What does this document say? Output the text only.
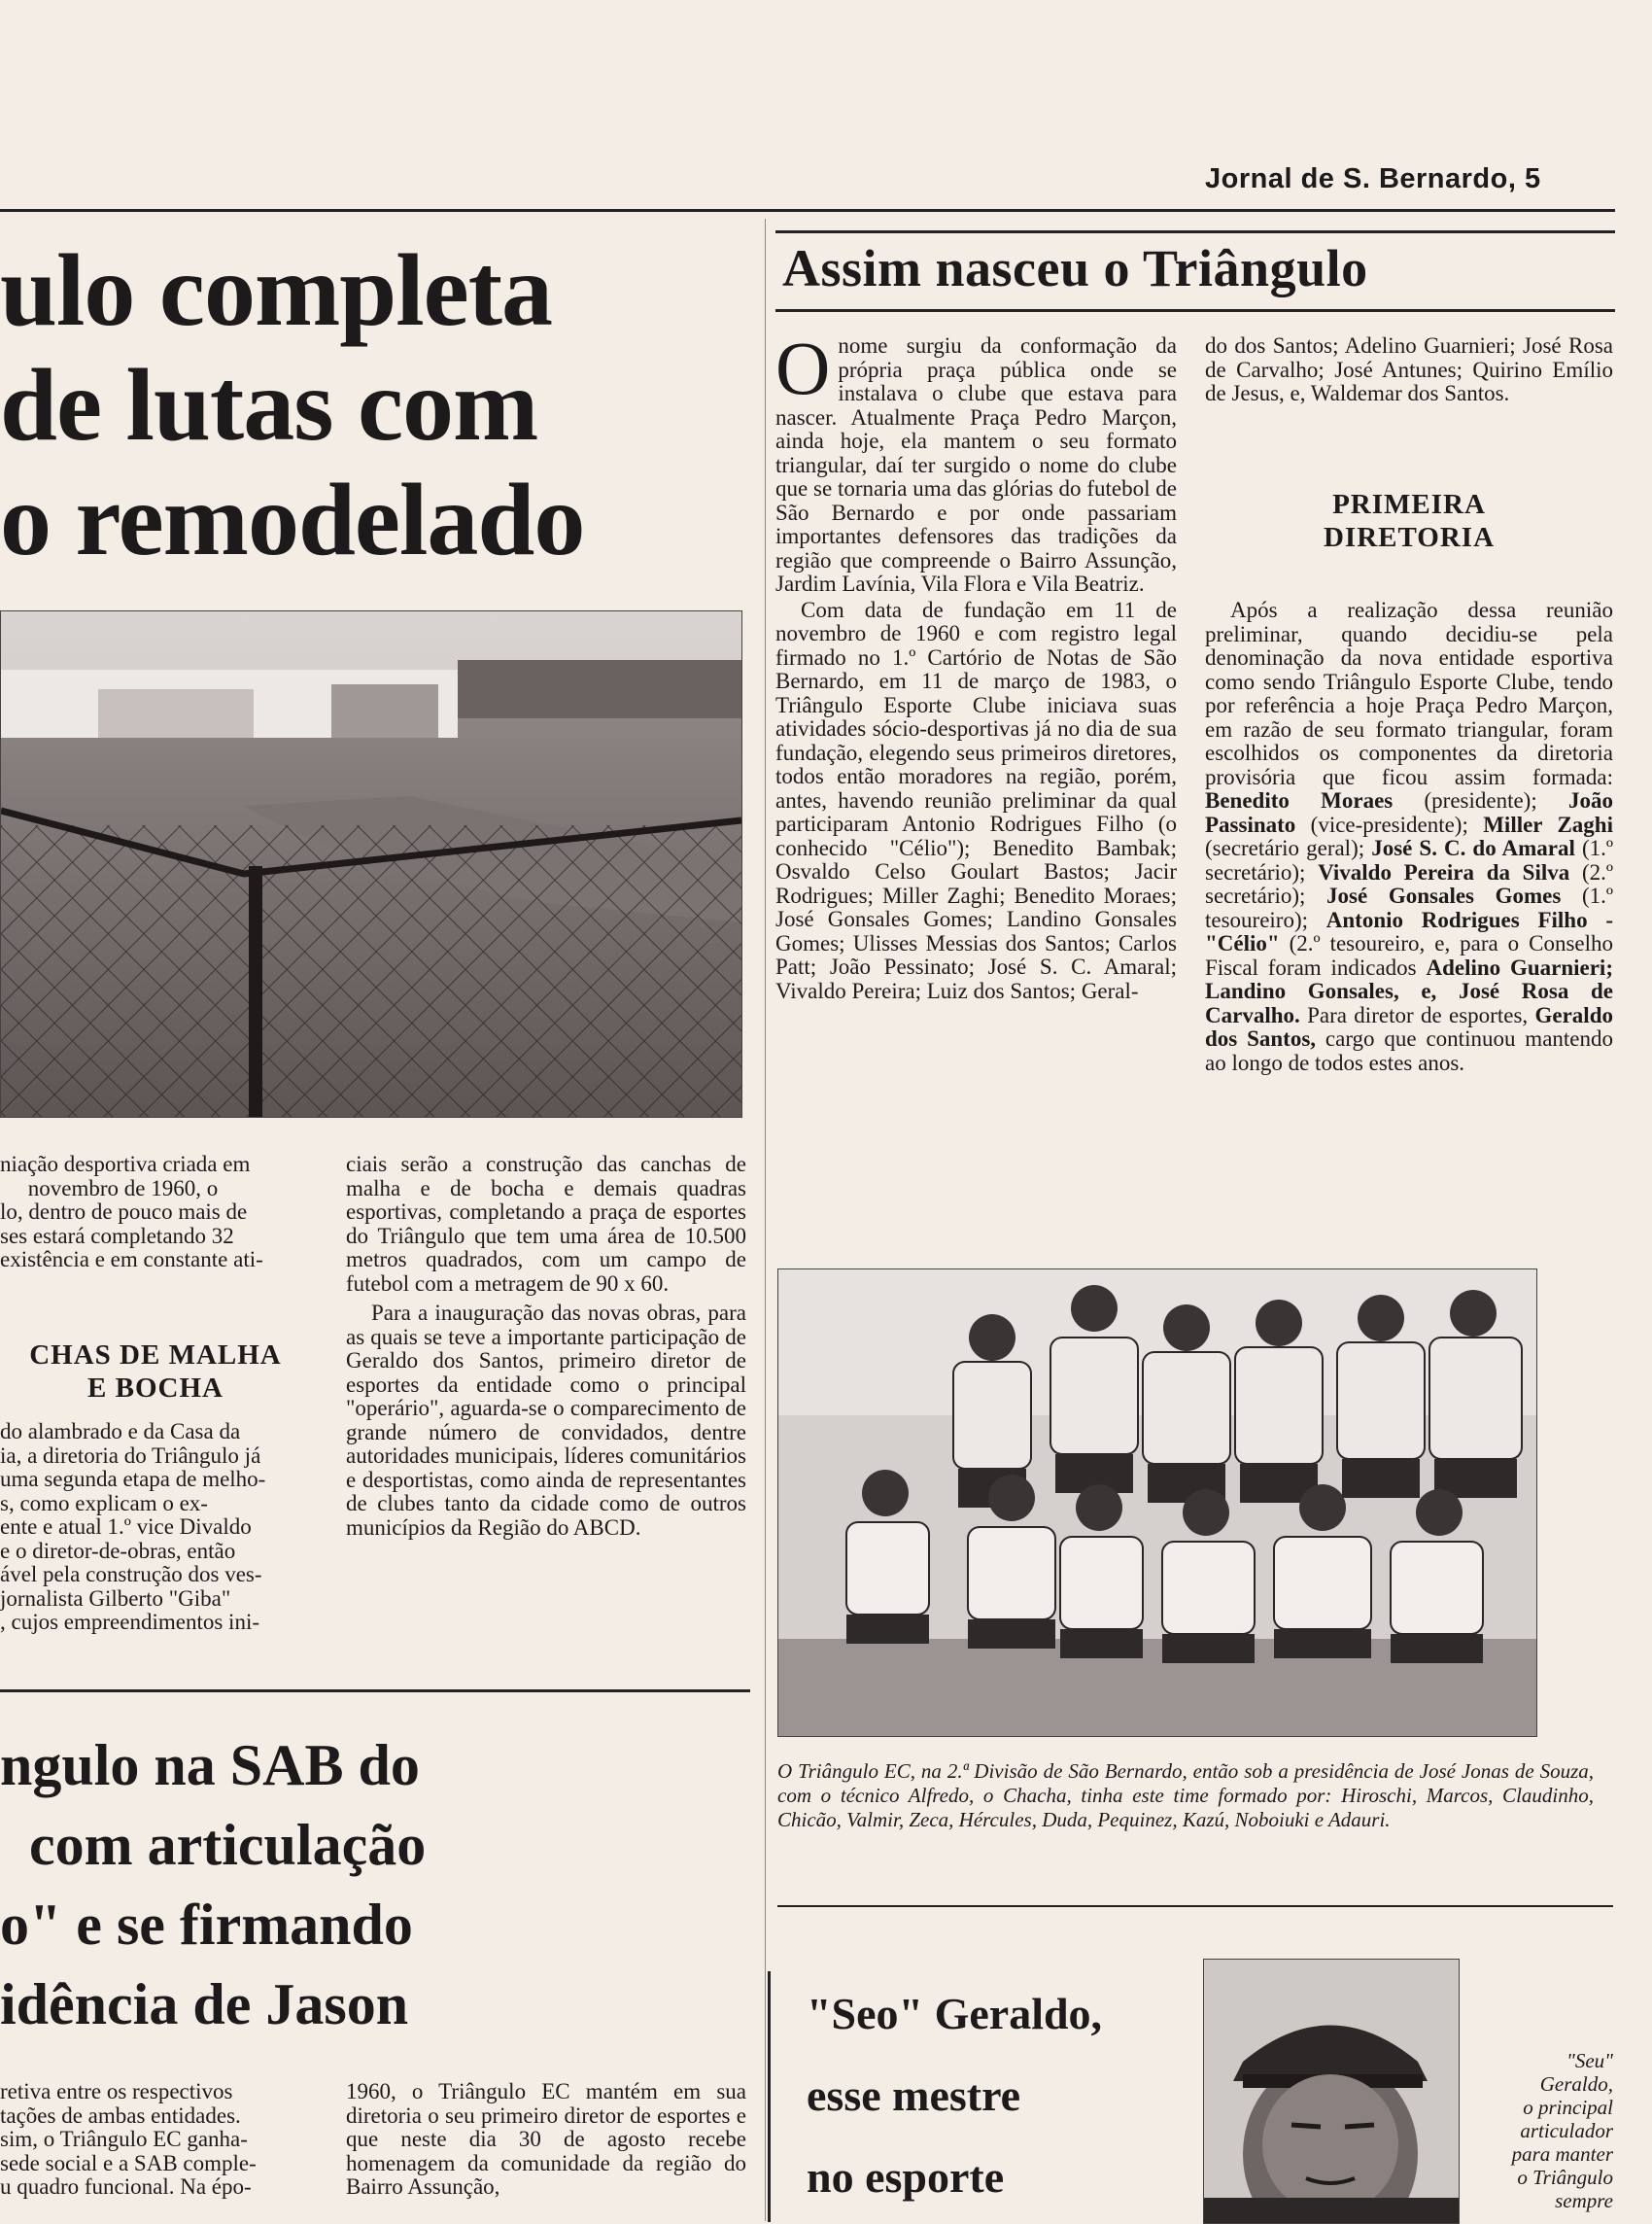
Jornal de S. Bernardo, 5
ulo completa
de lutas com
o remodelado
niação desportiva criada em
novembro de 1960, o
lo, dentro de pouco mais de
ses estará completando 32
existência e em constante ati-
CHAS DE MALHA
E BOCHA
do alambrado e da Casa da
ia, a diretoria do Triângulo já
uma segunda etapa de melho-
s, como explicam o ex-
ente e atual 1.º vice Divaldo
e o diretor-de-obras, então
ável pela construção dos ves-
jornalista Gilberto "Giba"
, cujos empreendimentos ini-

ciais serão a construção das canchas de malha e de bocha e demais quadras esportivas, completando a praça de esportes do Triângulo que tem uma área de 10.500 metros quadrados, com um campo de futebol com a metragem de 90 x 60.

Para a inauguração das novas obras, para as quais se teve a importante participação de Geraldo dos Santos, primeiro diretor de esportes da entidade como o principal "operário", aguarda-se o comparecimento de grande número de convidados, dentre autoridades municipais, líderes comunitários e desportistas, como ainda de representantes de clubes tanto da cidade como de outros municípios da Região do ABCD.

Assim nasceu o Triângulo

Onome surgiu da conformação da própria praça pública onde se instalava o clube que estava para nascer. Atualmente Praça Pedro Marçon, ainda hoje, ela mantem o seu formato triangular, daí ter surgido o nome do clube que se tornaria uma das glórias do futebol de São Bernardo e por onde passariam importantes defensores das tradições da região que compreende o Bairro Assunção, Jardim Lavínia, Vila Flora e Vila Beatriz.

Com data de fundação em 11 de novembro de 1960 e com registro legal firmado no 1.º Cartório de Notas de São Bernardo, em 11 de março de 1983, o Triângulo Esporte Clube iniciava suas atividades sócio-desportivas já no dia de sua fundação, elegendo seus primeiros diretores, todos então moradores na região, porém, antes, havendo reunião preliminar da qual participaram Antonio Rodrigues Filho (o conhecido "Célio"); Benedito Bambak; Osvaldo Celso Goulart Bastos; Jacir Rodrigues; Miller Zaghi; Benedito Moraes; José Gonsales Gomes; Landino Gonsales Gomes; Ulisses Messias dos Santos; Carlos Patt; João Pessinato; José S. C. Amaral; Vivaldo Pereira; Luiz dos Santos; Geral-

do dos Santos; Adelino Guarnieri; José Rosa de Carvalho; José Antunes; Quirino Emílio de Jesus, e, Waldemar dos Santos.

PRIMEIRA
DIRETORIA

Após a realização dessa reunião preliminar, quando decidiu-se pela denominação da nova entidade esportiva como sendo Triângulo Esporte Clube, tendo por referência a hoje Praça Pedro Marçon, em razão de seu formato triangular, foram escolhidos os componentes da diretoria provisória que ficou assim formada: Benedito Moraes (presidente); João Passinato (vice-presidente); Miller Zaghi (secretário geral); José S. C. do Amaral (1.º secretário); Vivaldo Pereira da Silva (2.º secretário); José Gonsales Gomes (1.º tesoureiro); Antonio Rodrigues Filho - "Célio" (2.º tesoureiro, e, para o Conselho Fiscal foram indicados Adelino Guarnieri; Landino Gonsales, e, José Rosa de Carvalho. Para diretor de esportes, Geraldo dos Santos, cargo que continuou mantendo ao longo de todos estes anos.

O Triângulo EC, na 2.ª Divisão de São Bernardo, então sob a presidência de José Jonas de Souza, com o técnico Alfredo, o Chacha, tinha este time formado por: Hiroschi, Marcos, Claudinho, Chicão, Valmir, Zeca, Hércules, Duda, Pequinez, Kazú, Noboiuki e Adauri.
ngulo na SAB do
com articulação
o" e se firmando
idência de Jason
retiva entre os respectivos
tações de ambas entidades.
sim, o Triângulo EC ganha-
sede social e a SAB comple-
u quadro funcional. Na épo-

1960, o Triângulo EC mantém em sua diretoria o seu primeiro diretor de esportes e que neste dia 30 de agosto recebe homenagem da comunidade da região do Bairro Assunção,

"Seo" Geraldo,
esse mestre
no esporte
"Seu"
Geraldo,
o principal
articulador
para manter
o Triângulo
sempre
